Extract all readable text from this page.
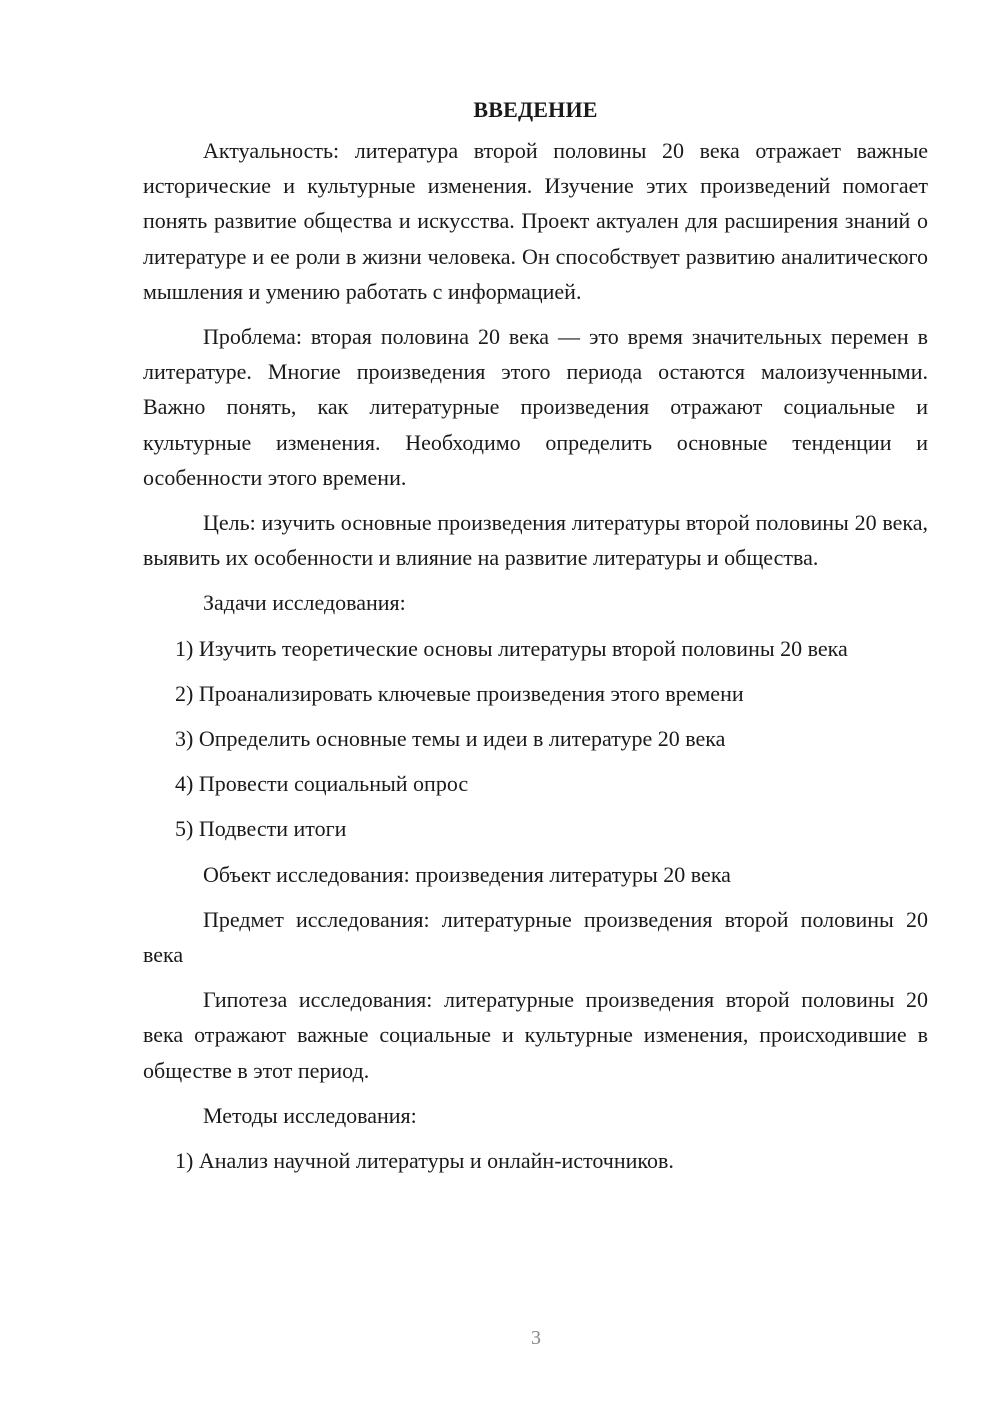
ВВЕДЕНИЕ

Актуальность: литература второй половины 20 века отражает важные исторические и культурные изменения. Изучение этих произведений помогает понять развитие общества и искусства. Проект актуален для расширения знаний о литературе и ее роли в жизни человека. Он способствует развитию аналитического мышления и умению работать с информацией.

Проблема: вторая половина 20 века — это время значительных перемен в литературе. Многие произведения этого периода остаются малоизученными. Важно понять, как литературные произведения отражают социальные и культурные изменения. Необходимо определить основные тенденции и особенности этого времени.

Цель: изучить основные произведения литературы второй половины 20 века, выявить их особенности и влияние на развитие литературы и общества.

Задачи исследования:

1) Изучить теоретические основы литературы второй половины 20 века

2) Проанализировать ключевые произведения этого времени

3) Определить основные темы и идеи в литературе 20 века

4) Провести социальный опрос

5) Подвести итоги

Объект исследования: произведения литературы 20 века

Предмет исследования: литературные произведения второй половины 20 века

Гипотеза исследования: литературные произведения второй половины 20 века отражают важные социальные и культурные изменения, происходившие в обществе в этот период.

Методы исследования:

1) Анализ научной литературы и онлайн-источников.

3
